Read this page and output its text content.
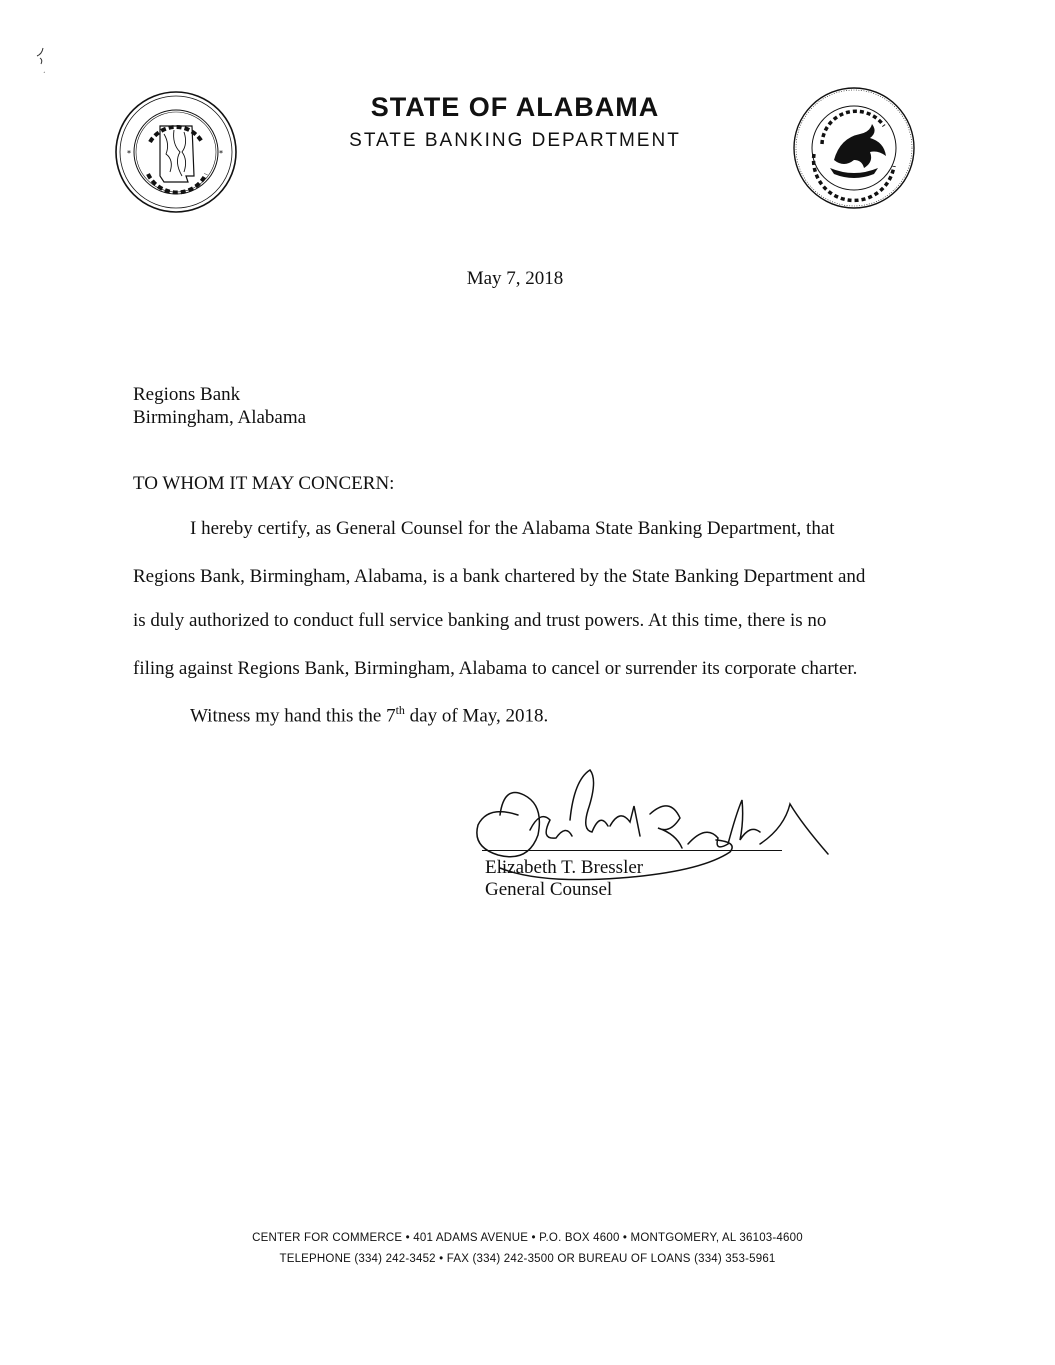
*	*
STATE OF ALABAMA
STATE BANKING DEPARTMENT
May 7, 2018
Regions Bank
Birmingham, Alabama
TO WHOM IT MAY CONCERN:
I hereby certify, as General Counsel for the Alabama State Banking Department, that
Regions Bank, Birmingham, Alabama, is a bank chartered by the State Banking Department and
is duly authorized to conduct full service banking and trust powers. At this time, there is no
filing against Regions Bank, Birmingham, Alabama to cancel or surrender its corporate charter.
Witness my hand this the 7th day of May, 2018.
Elizabeth T. Bressler
General Counsel
CENTER FOR COMMERCE • 401 ADAMS AVENUE • P.O. BOX 4600 • MONTGOMERY, AL 36103-4600
TELEPHONE (334) 242-3452 • FAX (334) 242-3500 OR BUREAU OF LOANS (334) 353-5961
